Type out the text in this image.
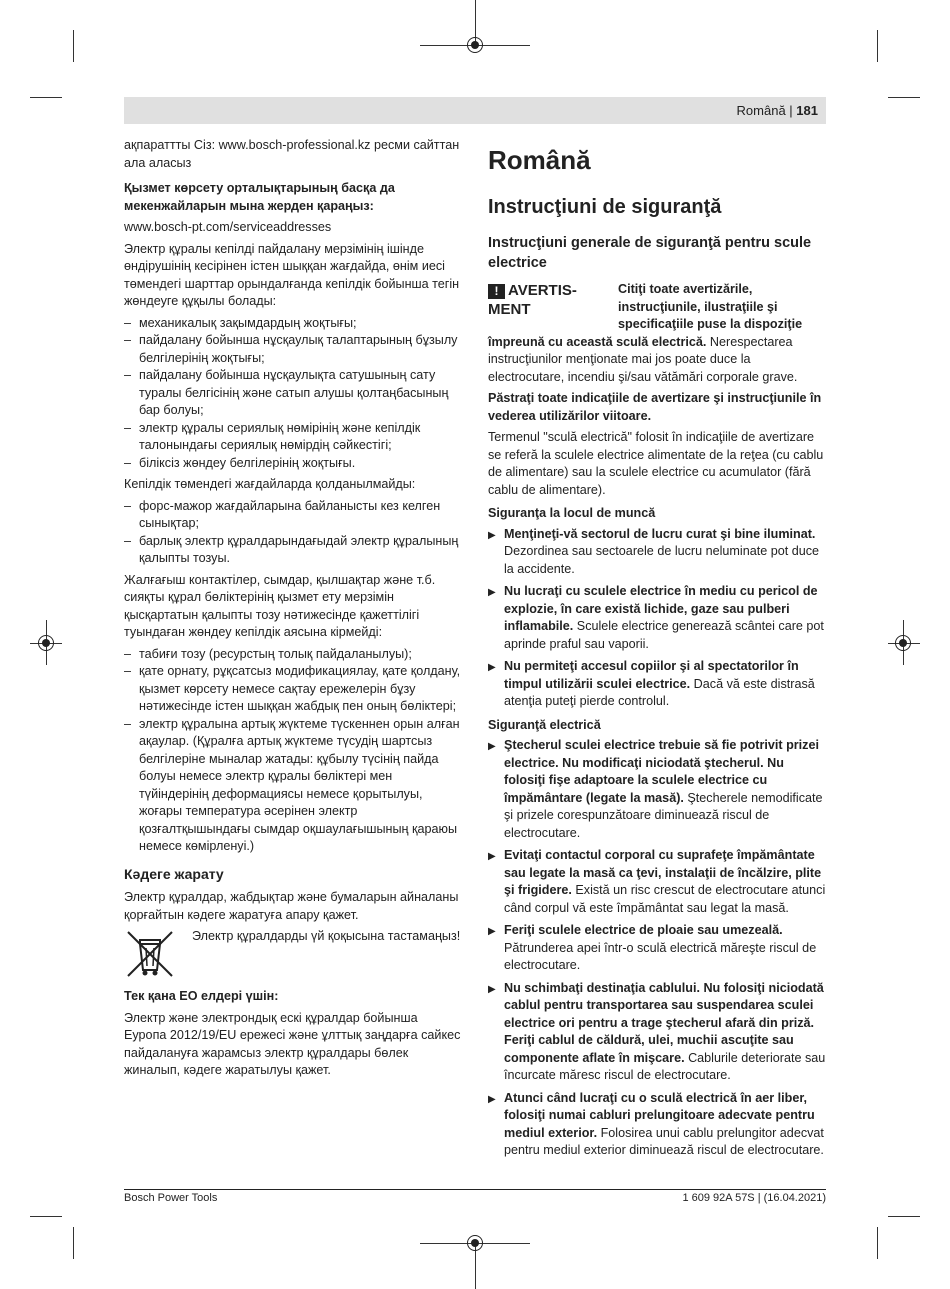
Română | 181

ақпараттты Сіз: www.bosch-professional.kz ресми сайттан ала аласыз

Қызмет көрсету орталықтарының басқа да мекенжайларын мына жерден қараңыз:

www.bosch-pt.com/serviceaddresses

Электр құралы кепілді пайдалану мерзімінің ішінде өндірушінің кесірінен істен шыққан жағдайда, өнім иесі төмендегі шарттар орындалғанда кепілдік бойынша тегін жөндеуге құқылы болады:

– механикалық зақымдардың жоқтығы;
– пайдалану бойынша нұсқаулық талаптарының бұзылу белгілерінің жоқтығы;
– пайдалану бойынша нұсқаулықта сатушының сату туралы белгісінің және сатып алушы қолтаңбасының бар болуы;
– электр құралы сериялық нөмірінің және кепілдік талонындағы сериялық нөмірдің сәйкестігі;
– біліксіз жөндеу белгілерінің жоқтығы.

Кепілдік төмендегі жағдайларда қолданылмайды:

– форс-мажор жағдайларына байланысты кез келген сынықтар;
– барлық электр құралдарындағыдай электр құралының қалыпты тозуы.

Жалғағыш контактілер, сымдар, қылшақтар және т.б. сияқты құрал бөлiктерiнiң қызмет ету мерзімін қысқартатын қалыпты тозу нәтижесінде қажеттілігі туындаған жөндеу кепілдік аясына кірмейді:

– табиғи тозу (ресурстың толық пайдаланылуы);
– қате орнату, рұқсатсыз модификациялау, қате қолдану, қызмет көрсету немесе сақтау ережелерін бұзу нәтижесінде істен шыққан жабдық пен оның бөліктері;
– электр құралына артық жүктеме түскеннен орын алған ақаулар. (Құралға артық жүктеме түсудің шартсыз белгілеріне мыналар жатады: құбылу түсінің пайда болуы немесе электр құралы бөліктері мен түйіндерінің деформациясы немесе қорытылуы, жоғары температура әсерінен электр қозғалтқышындағы сымдар оқшаулағышының қараюы немесе көмірленуі.)
Кәдеге жарату

Электр құралдар, жабдықтар және бумаларын айналаны қорғайтын кәдеге жаратуға апару қажет.

Электр құралдарды үй қоқысына тастамаңыз!

Тек қана ЕО елдері үшін:

Электр және электрондық ескі құралдар бойынша Еуропа 2012/19/EU ережесі және ұлттық заңдарға сайкес пайдалануға жарамсыз электр құралдары бөлек жиналып, кәдеге жаратылуы қажет.

Română
Instrucţiuni de siguranţă
Instrucţiuni generale de siguranţă pentru scule electrice
! AVERTIS-MENT
Citiţi toate avertizările, instrucţiunile, ilustraţiile şi specificaţiile puse la dispoziţie

împreună cu această sculă electrică. Nerespectarea instrucţiunilor menţionate mai jos poate duce la electrocutare, incendiu şi/sau vătămări corporale grave.

Păstraţi toate indicaţiile de avertizare şi instrucţiunile în vederea utilizărilor viitoare.

Termenul "sculă electrică" folosit în indicaţiile de avertizare se referă la sculele electrice alimentate de la reţea (cu cablu de alimentare) sau la sculele electrice cu acumulator (fără cablu de alimentare).

Siguranţa la locul de muncă
▶ Menţineţi-vă sectorul de lucru curat şi bine iluminat. Dezordinea sau sectoarele de lucru neluminate pot duce la accidente.
▶ Nu lucraţi cu sculele electrice în mediu cu pericol de explozie, în care există lichide, gaze sau pulberi inflamabile. Sculele electrice generează scântei care pot aprinde praful sau vaporii.
▶ Nu permiteţi accesul copiilor şi al spectatorilor în timpul utilizării sculei electrice. Dacă vă este distrasă atenţia puteţi pierde controlul.
Siguranţă electrică
▶ Ştecherul sculei electrice trebuie să fie potrivit prizei electrice. Nu modificaţi niciodată ştecherul. Nu folosiţi fişe adaptoare la sculele electrice cu împământare (legate la masă). Ştecherele nemodificate şi prizele corespunzătoare diminuează riscul de electrocutare.
▶ Evitaţi contactul corporal cu suprafeţe împământate sau legate la masă ca ţevi, instalaţii de încălzire, plite şi frigidere. Există un risc crescut de electrocutare atunci când corpul vă este împământat sau legat la masă.
▶ Feriţi sculele electrice de ploaie sau umezeală. Pătrunderea apei într-o sculă electrică măreşte riscul de electrocutare.
▶ Nu schimbaţi destinaţia cablului. Nu folosiţi niciodată cablul pentru transportarea sau suspendarea sculei electrice ori pentru a trage ştecherul afară din priză. Feriţi cablul de căldură, ulei, muchii ascuţite sau componente aflate în mişcare. Cablurile deteriorate sau încurcate măresc riscul de electrocutare.
▶ Atunci când lucraţi cu o sculă electrică în aer liber, folosiţi numai cabluri prelungitoare adecvate pentru mediul exterior. Folosirea unui cablu prelungitor adecvat pentru mediul exterior diminuează riscul de electrocutare.
Bosch Power Tools	1 609 92A 57S | (16.04.2021)
